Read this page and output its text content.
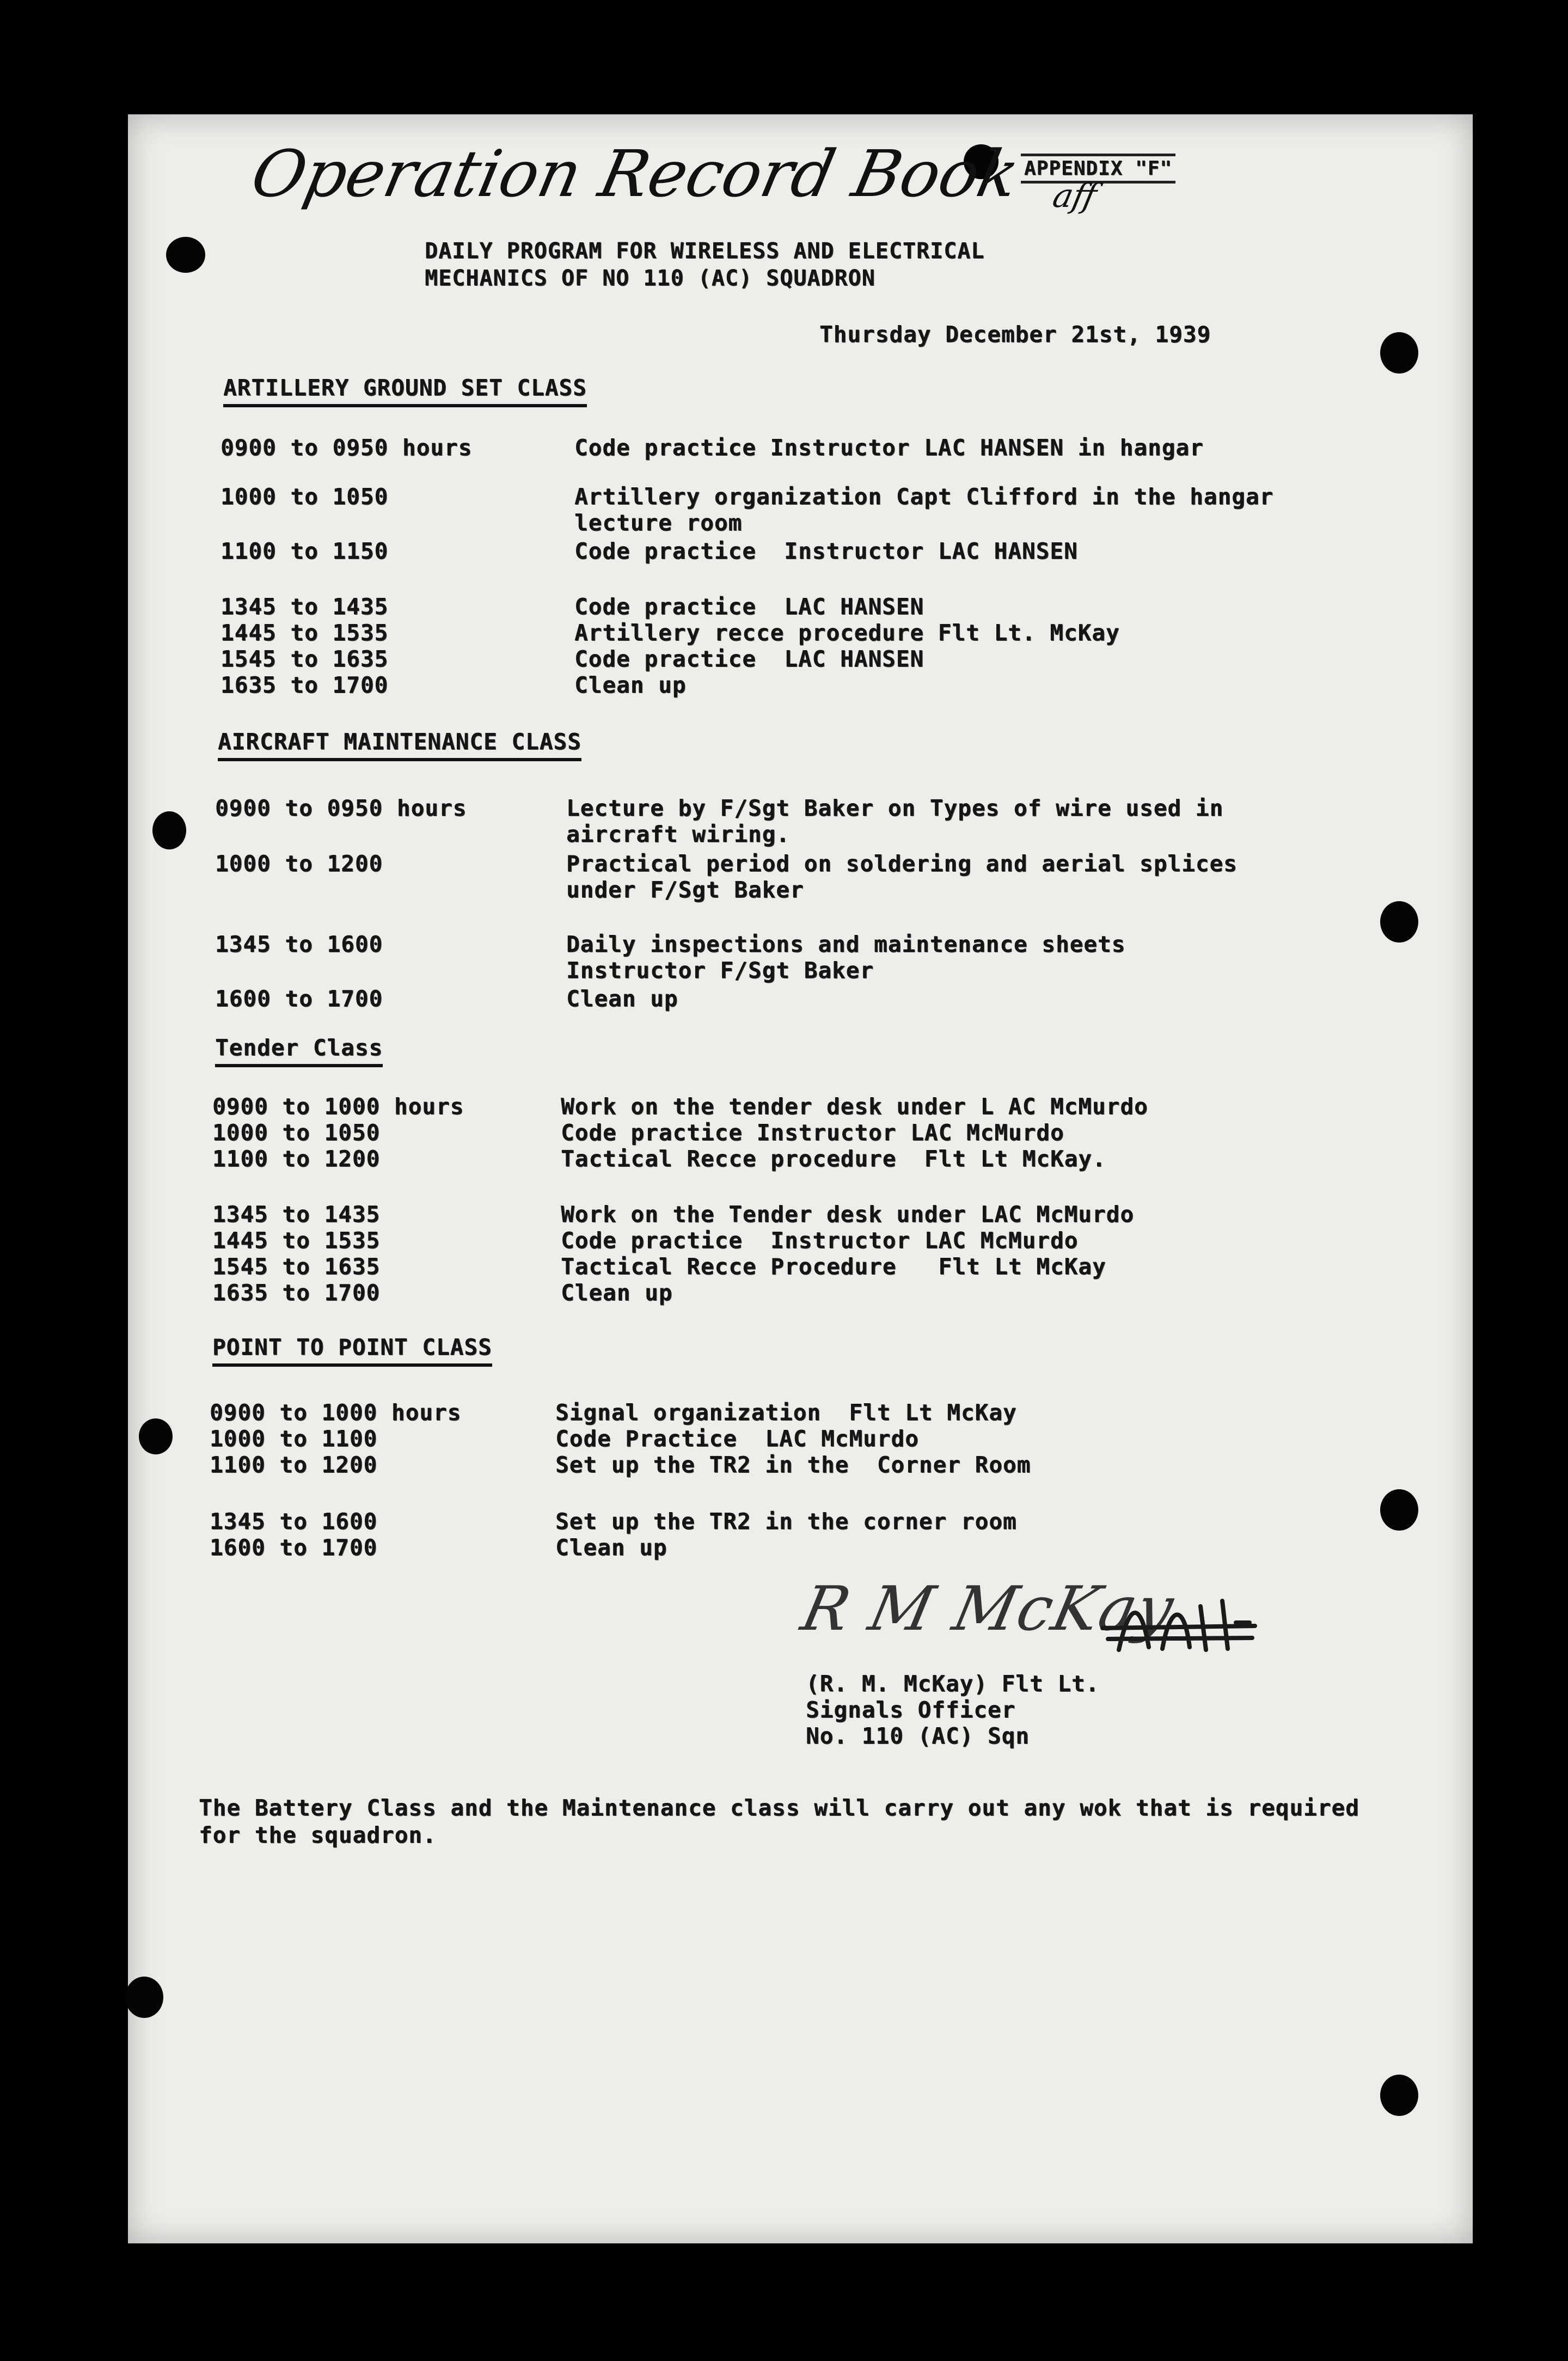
Operation Record Book
APPENDIX "F"
aff
DAILY PROGRAM FOR WIRELESS AND ELECTRICAL
MECHANICS OF NO 110 (AC) SQUADRON
Thursday December 21st, 1939
ARTILLERY GROUND SET CLASS
0900 to 0950 hours	Code practice Instructor LAC HANSEN in hangar
1000 to 1050	Artillery organization Capt Clifford in the hangar lecture room
1100 to 1150	Code practice  Instructor LAC HANSEN
1345 to 1435	Code practice  LAC HANSEN
1445 to 1535	Artillery recce procedure Flt Lt. McKay
1545 to 1635	Code practice  LAC HANSEN
1635 to 1700	Clean up
AIRCRAFT MAINTENANCE CLASS
0900 to 0950 hours	Lecture by F/Sgt Baker on Types of wire used in aircraft wiring.
1000 to 1200	Practical period on soldering and aerial splices under F/Sgt Baker
1345 to 1600	Daily inspections and maintenance sheets Instructor F/Sgt Baker
1600 to 1700	Clean up
Tender Class
0900 to 1000 hours	Work on the tender desk under L AC McMurdo
1000 to 1050	Code practice Instructor LAC McMurdo
1100 to 1200	Tactical Recce procedure  Flt Lt McKay.
1345 to 1435	Work on the Tender desk under LAC McMurdo
1445 to 1535	Code practice  Instructor LAC McMurdo
1545 to 1635	Tactical Recce Procedure   Flt Lt McKay
1635 to 1700	Clean up
POINT TO POINT CLASS
0900 to 1000 hours	Signal organization  Flt Lt McKay
1000 to 1100	Code Practice  LAC McMurdo
1100 to 1200	Set up the TR2 in the  Corner Room
1345 to 1600	Set up the TR2 in the corner room
1600 to 1700	Clean up
R M McKay
(R. M. McKay) Flt Lt.
Signals Officer
No. 110 (AC) Sqn
The Battery Class and the Maintenance class will carry out any wok that is required for the squadron.
